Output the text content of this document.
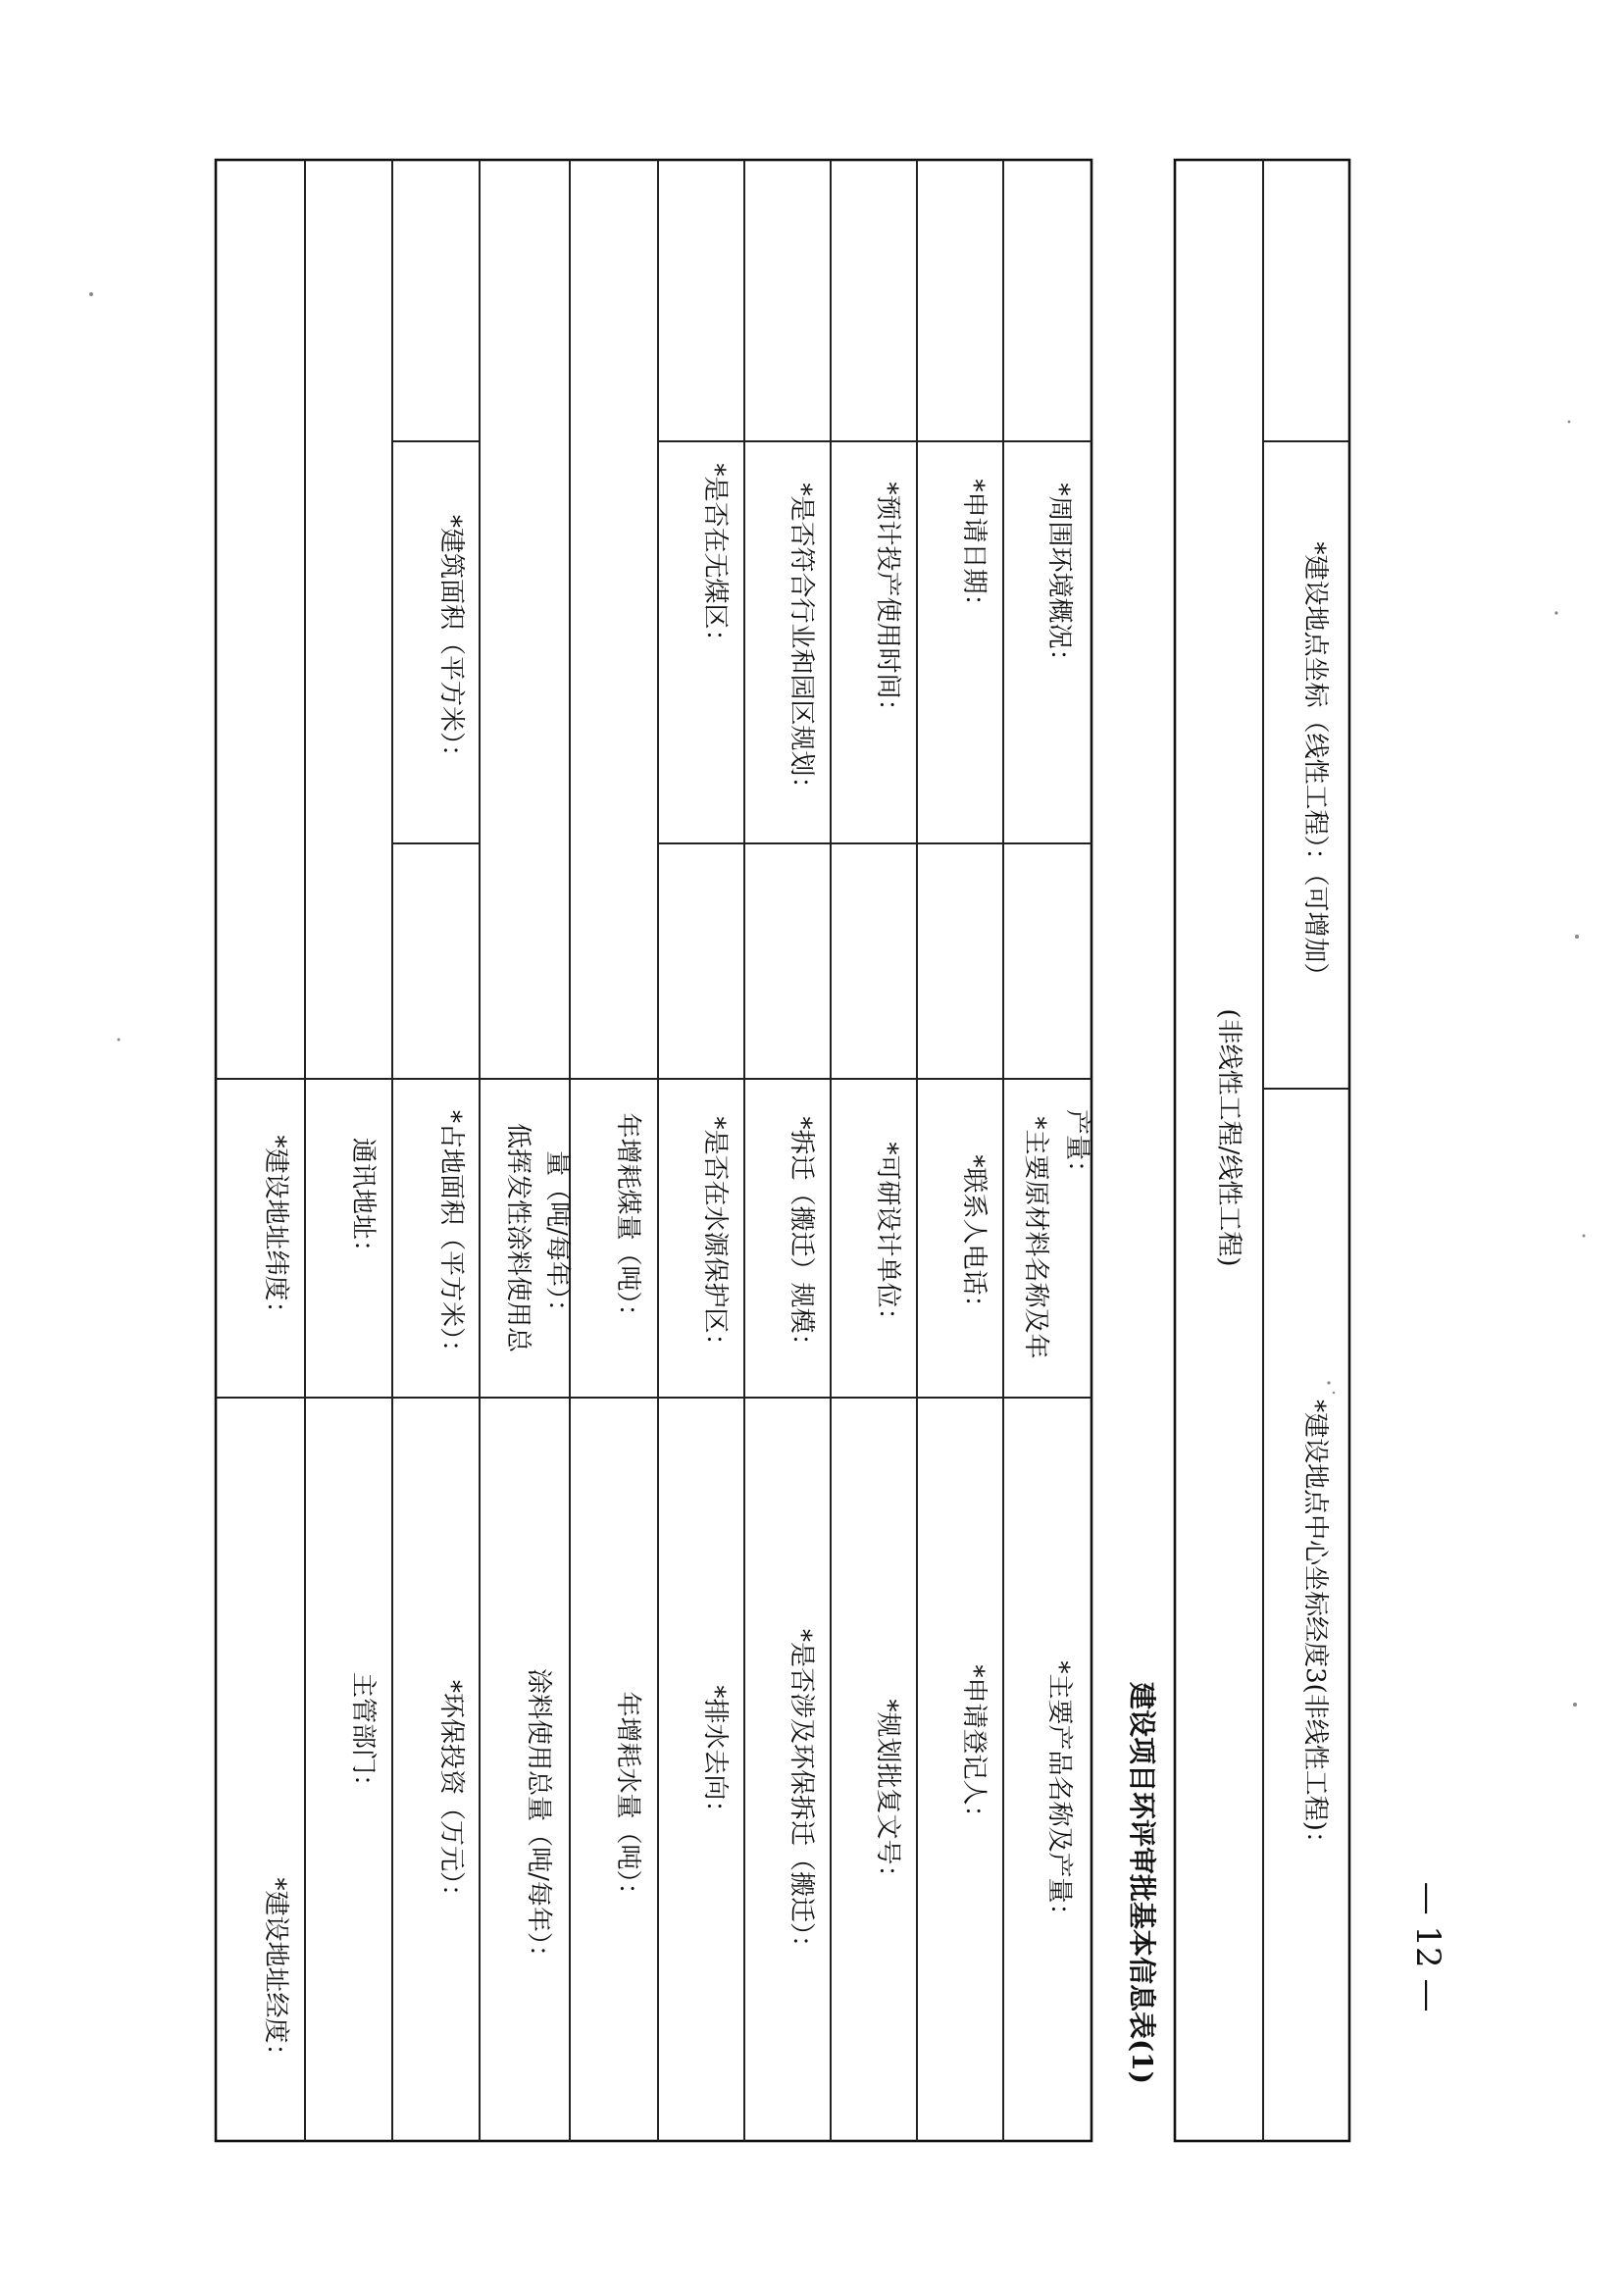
*建设地址经度：
*建设地址纬度：
主管部门：
通讯地址：
*环保投资（万元）：
*占地面积（平方米）：
*建筑面积（平方米）：
涂料使用总量（吨/每年）：
低挥发性涂料使用总 量（吨/每年）：
年增耗水量（吨）：
年增耗煤量（吨）：
*排水去向：
*是否在水源保护区：
*是否在无煤区：
*是否涉及环保拆迁（搬迁）：
*拆迁（搬迁）规模：
*是否符合行业和园区规划：
*规划批复文号：
*可研设计单位：
*预计投产使用时间：
*申请登记人：
*联系人电话：
*申请日期：
*主要产品名称及产量：
*主要原材料名称及年 产量：
*周围环境概况：
建设项目环评审批基本信息表(1)
(非线性工程/线性工程)
*建设地点中心坐标经度3(非线性工程)：
*建设地点坐标（线性工程）：（可增加）
— 12 —
